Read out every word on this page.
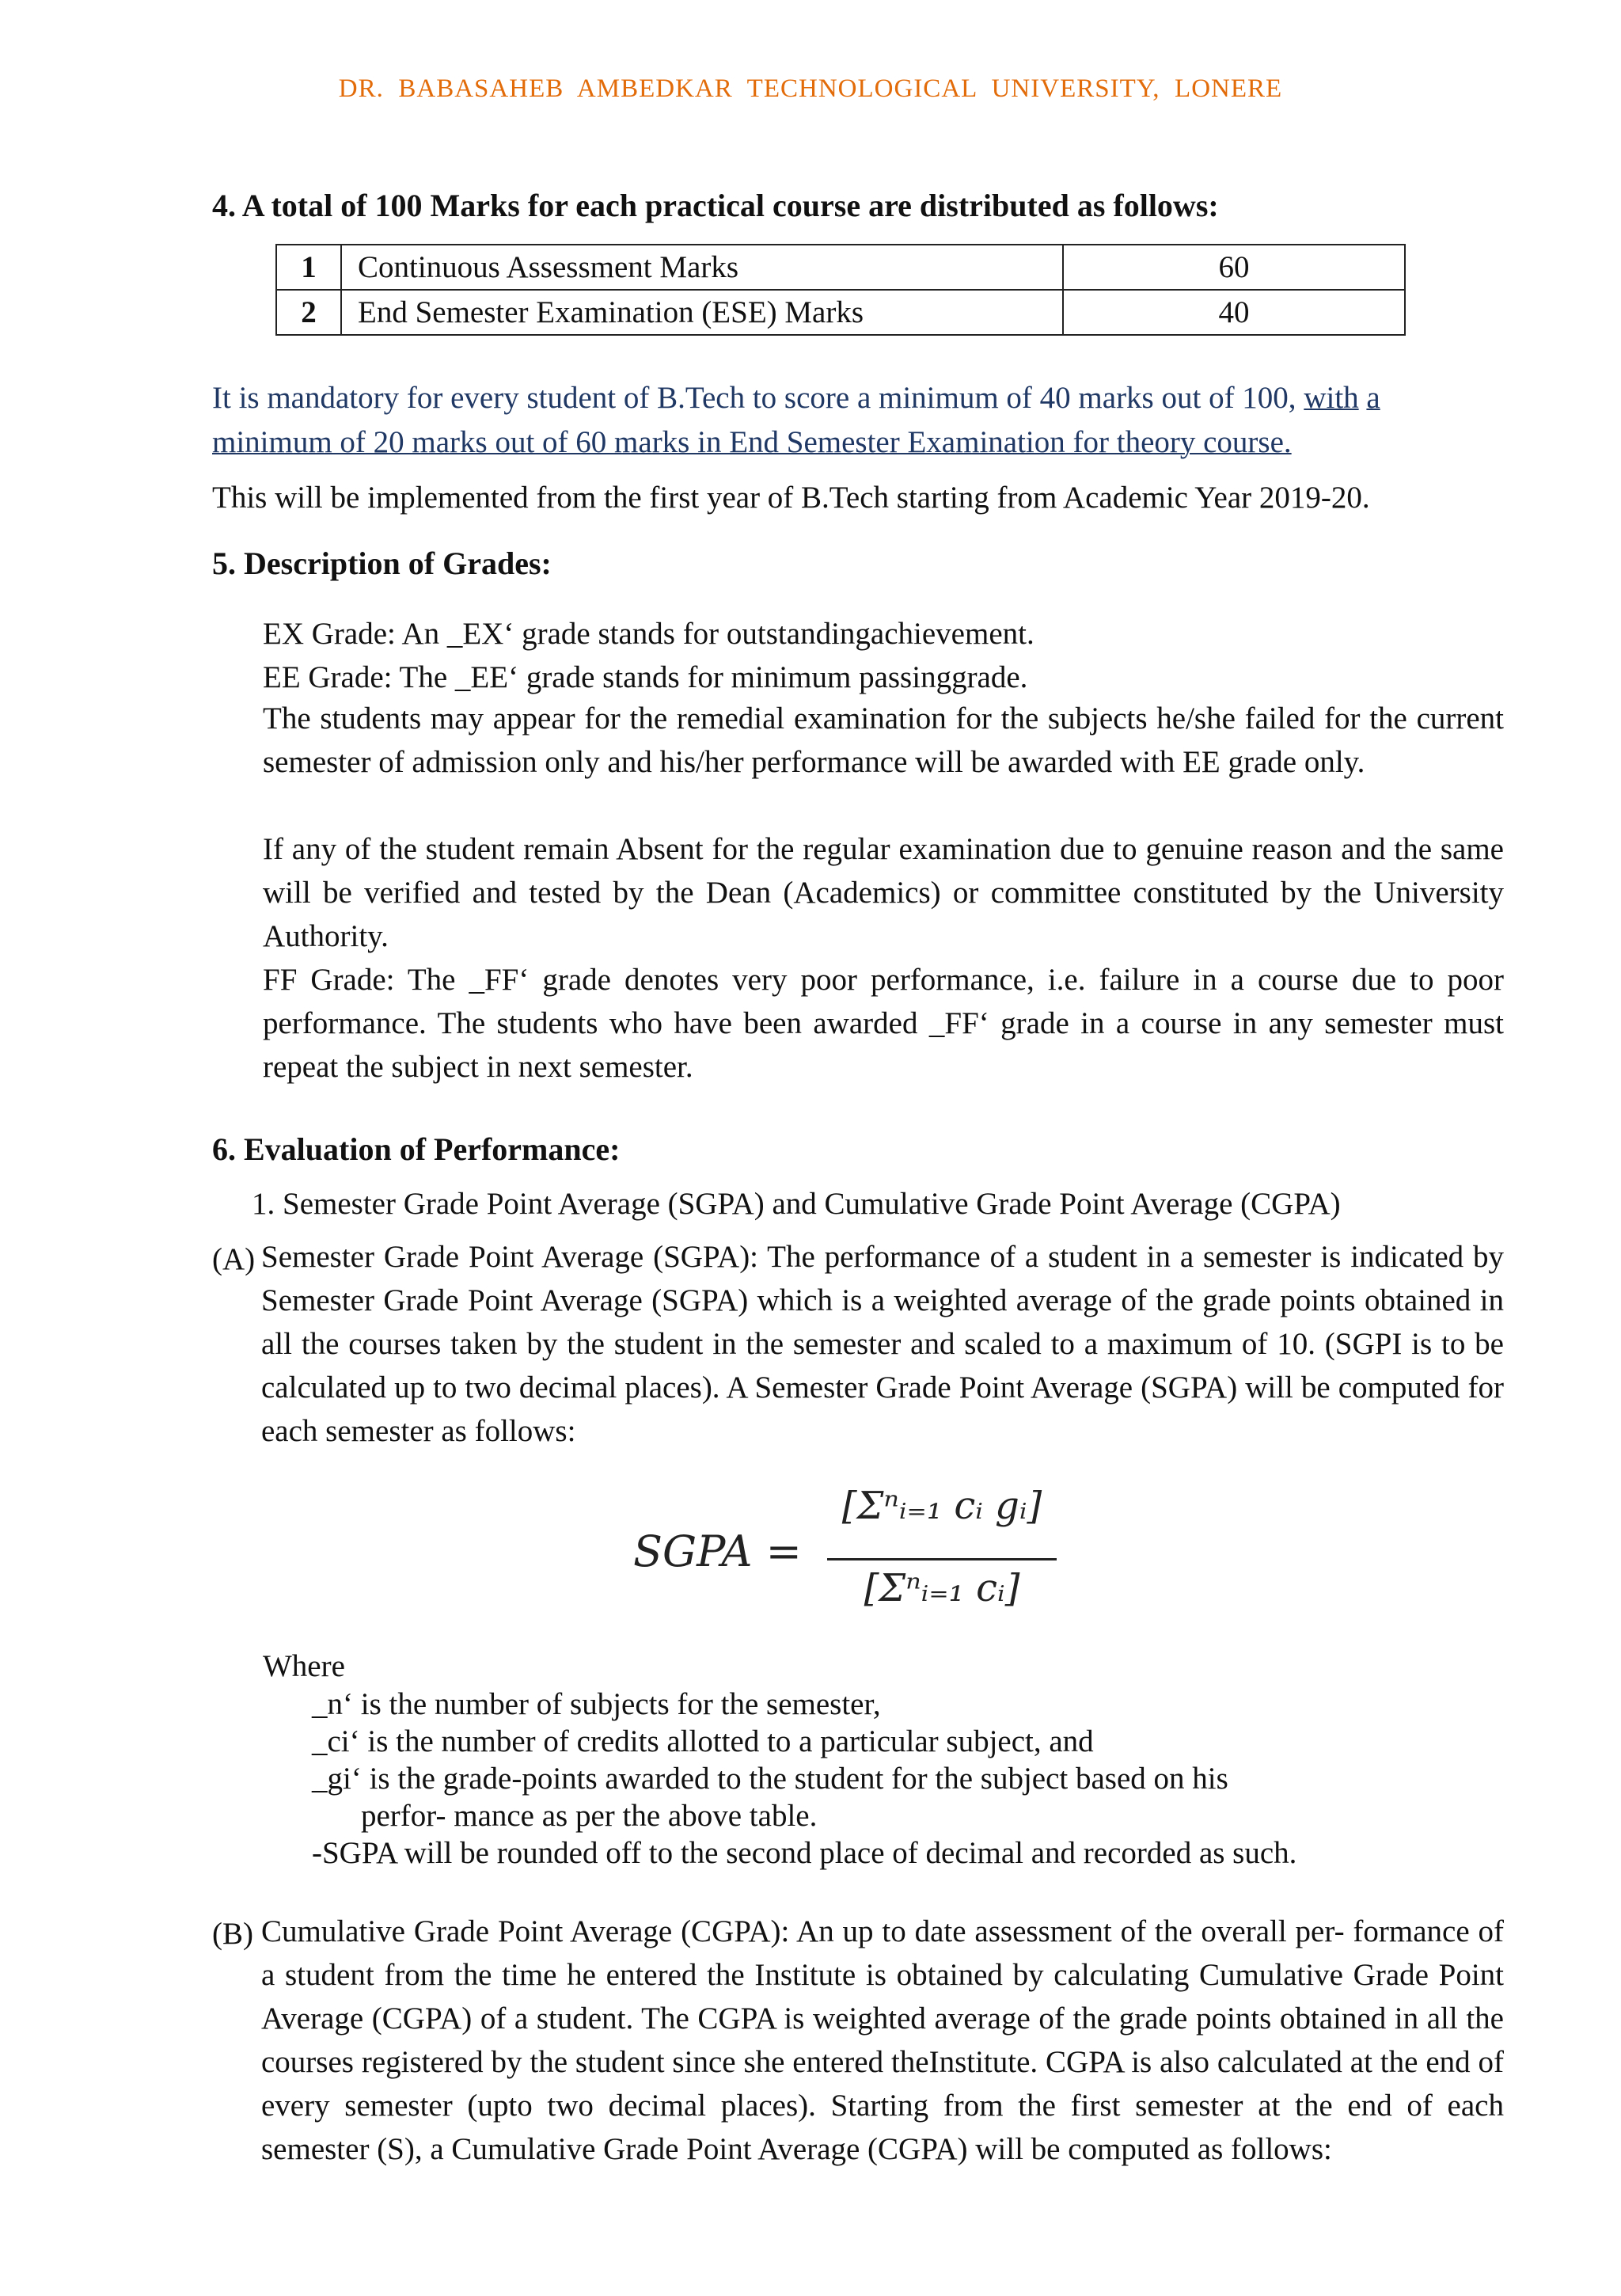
DR.  BABASAHEB  AMBEDKAR  TECHNOLOGICAL  UNIVERSITY,  LONERE
4. A total of 100 Marks for each practical course are distributed as follows:
1	Continuous Assessment Marks	60
2	End Semester Examination (ESE) Marks	40
It is mandatory for every student of B.Tech to score a minimum of 40 marks out of 100, with a
minimum of 20 marks out of 60 marks in End Semester Examination for theory course.
This will be implemented from the first year of B.Tech starting from Academic Year 2019-20.
5. Description of Grades:
EX Grade: An _EX‘ grade stands for outstandingachievement.
EE Grade: The _EE‘ grade stands for minimum passinggrade.
The students may appear for the remedial examination for the subjects he/she failed for the current semester of admission only and his/her performance will be awarded with EE grade only.
If any of the student remain Absent for the regular examination due to genuine reason and the same will be verified and tested by the Dean (Academics) or committee constituted by the University Authority.
FF Grade: The _FF‘ grade denotes very poor performance, i.e. failure in a course due to poor performance. The students who have been awarded _FF‘ grade in a course in any semester must repeat the subject in next semester.
6. Evaluation of Performance:
1. Semester Grade Point Average (SGPA) and Cumulative Grade Point Average (CGPA)
(A) Semester Grade Point Average (SGPA): The performance of a student in a semester is indicated by Semester Grade Point Average (SGPA) which is a weighted average of the grade points obtained in all the courses taken by the student in the semester and scaled to a maximum of 10. (SGPI is to be calculated up to two decimal places). A Semester Grade Point Average (SGPA) will be computed for each semester as follows:
SGPA =
[Σⁿᵢ₌₁ cᵢ gᵢ]
[Σⁿᵢ₌₁ cᵢ]
Where
_n‘ is the number of subjects for the semester,
_ci‘ is the number of credits allotted to a particular subject, and
_gi‘ is the grade-points awarded to the student for the subject based on his
perfor- mance as per the above table.
-SGPA will be rounded off to the second place of decimal and recorded as such.
(B) Cumulative Grade Point Average (CGPA): An up to date assessment of the overall per- formance of a student from the time he entered the Institute is obtained by calculating Cumulative Grade Point Average (CGPA) of a student. The CGPA is weighted average of the grade points obtained in all the courses registered by the student since she entered theInstitute. CGPA is also calculated at the end of every semester (upto two decimal places). Starting from the first semester at the end of each semester (S), a Cumulative Grade Point Average (CGPA) will be computed as follows:
